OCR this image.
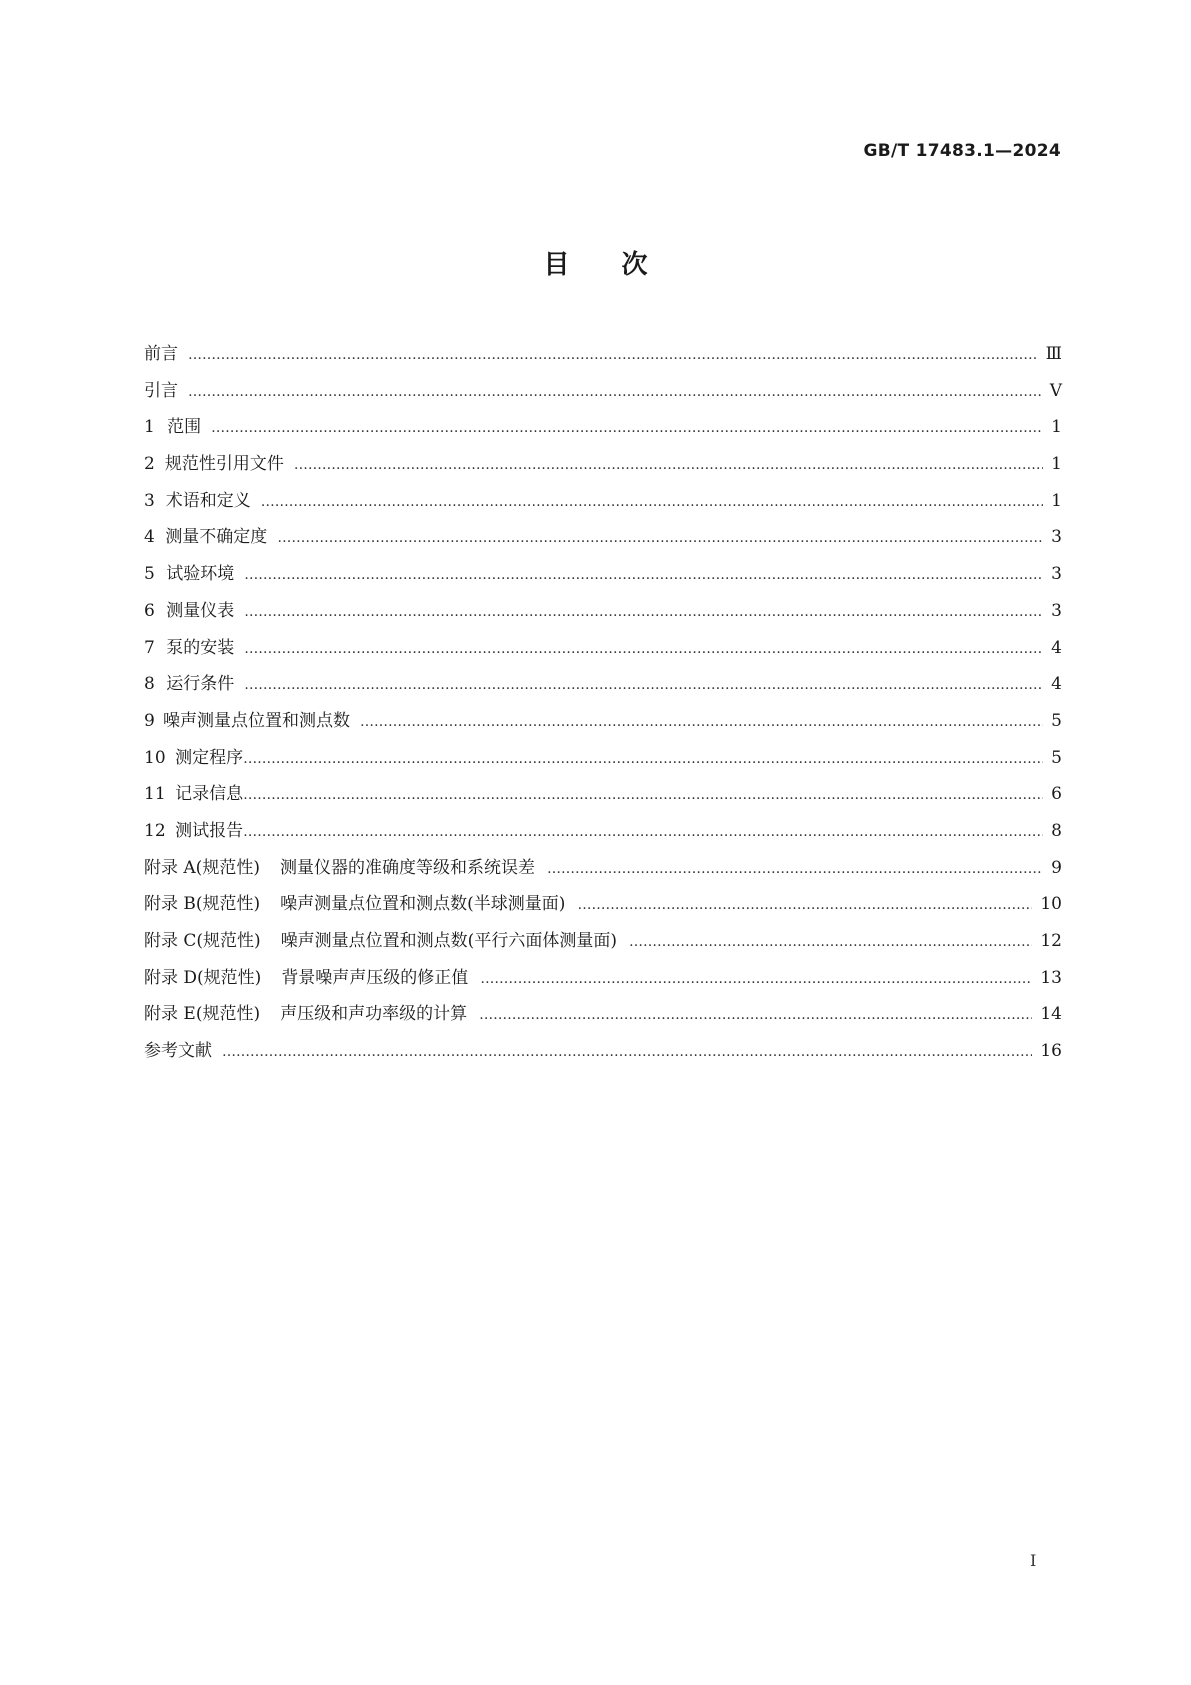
GB/T 17483.1—2024
目次
前言 ……………………………………………………………………………………………………………………………………………………………………………………………………………	Ⅲ
引言 ……………………………………………………………………………………………………………………………………………………………………………………………………………	Ⅴ
1 范围 ……………………………………………………………………………………………………………………………………………………………………………………………………………	1
2 规范性引用文件 ……………………………………………………………………………………………………………………………………………………………………………………………………………	1
3 术语和定义 ……………………………………………………………………………………………………………………………………………………………………………………………………………	1
4 测量不确定度 ……………………………………………………………………………………………………………………………………………………………………………………………………………	3
5 试验环境 ……………………………………………………………………………………………………………………………………………………………………………………………………………	3
6 测量仪表 ……………………………………………………………………………………………………………………………………………………………………………………………………………	3
7 泵的安装 ……………………………………………………………………………………………………………………………………………………………………………………………………………	4
8 运行条件 ……………………………………………………………………………………………………………………………………………………………………………………………………………	4
9 噪声测量点位置和测点数 ……………………………………………………………………………………………………………………………………………………………………………………………………………	5
10 测定程序 ……………………………………………………………………………………………………………………………………………………………………………………………………………	5
11 记录信息 ……………………………………………………………………………………………………………………………………………………………………………………………………………	6
12 测试报告 ……………………………………………………………………………………………………………………………………………………………………………………………………………	8
附录 A(规范性) 测量仪器的准确度等级和系统误差 ……………………………………………………………………………………………………………………………………………………………………………………………………………	9
附录 B(规范性) 噪声测量点位置和测点数(半球测量面) ……………………………………………………………………………………………………………………………………………………………………………………………………………	10
附录 C(规范性) 噪声测量点位置和测点数(平行六面体测量面) ……………………………………………………………………………………………………………………………………………………………………………………………………………	12
附录 D(规范性) 背景噪声声压级的修正值 ……………………………………………………………………………………………………………………………………………………………………………………………………………	13
附录 E(规范性) 声压级和声功率级的计算 ……………………………………………………………………………………………………………………………………………………………………………………………………………	14
参考文献 ……………………………………………………………………………………………………………………………………………………………………………………………………………	16
Ⅰ
